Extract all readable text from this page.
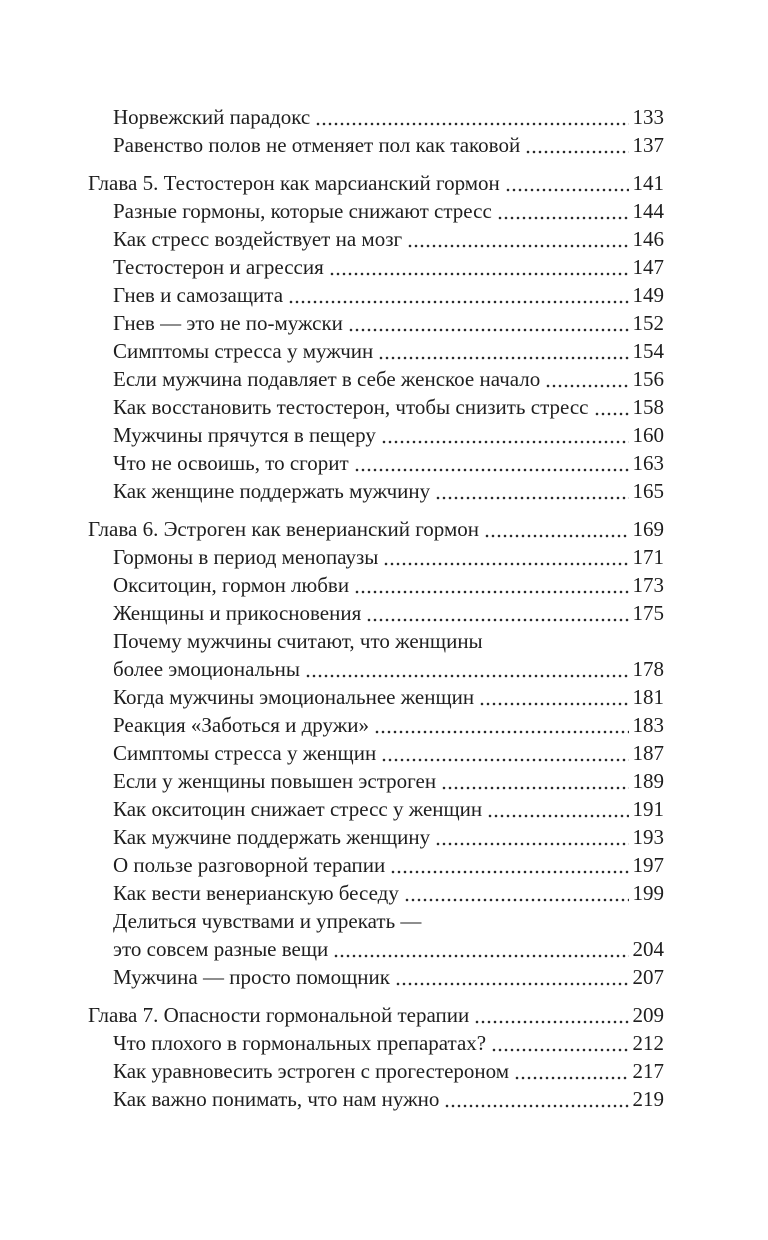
Норвежский парадокс	133
Равенство полов не отменяет пол как таковой	137
Глава 5. Тестостерон как марсианский гормон	141
Разные гормоны, которые снижают стресс	144
Как стресс воздействует на мозг	146
Тестостерон и агрессия	147
Гнев и самозащита	149
Гнев — это не по-мужски	152
Симптомы стресса у мужчин	154
Если мужчина подавляет в себе женское начало	156
Как восстановить тестостерон, чтобы снизить стресс 158
Мужчины прячутся в пещеру	160
Что не освоишь, то сгорит	163
Как женщине поддержать мужчину	165
Глава 6. Эстроген как венерианский гормон	169
Гормоны в период менопаузы	171
Окситоцин, гормон любви	173
Женщины и прикосновения	175
Почему мужчины считают, что женщины
более эмоциональны	178
Когда мужчины эмоциональнее женщин	181
Реакция «Заботься и дружи»	183
Симптомы стресса у женщин	187
Если у женщины повышен эстроген	189
Как окситоцин снижает стресс у женщин	191
Как мужчине поддержать женщину	193
О пользе разговорной терапии	197
Как вести венерианскую беседу	199
Делиться чувствами и упрекать —
это совсем разные вещи	204
Мужчина — просто помощник	207
Глава 7. Опасности гормональной терапии	209
Что плохого в гормональных препаратах?	212
Как уравновесить эстроген с прогестероном	217
Как важно понимать, что нам нужно	219
